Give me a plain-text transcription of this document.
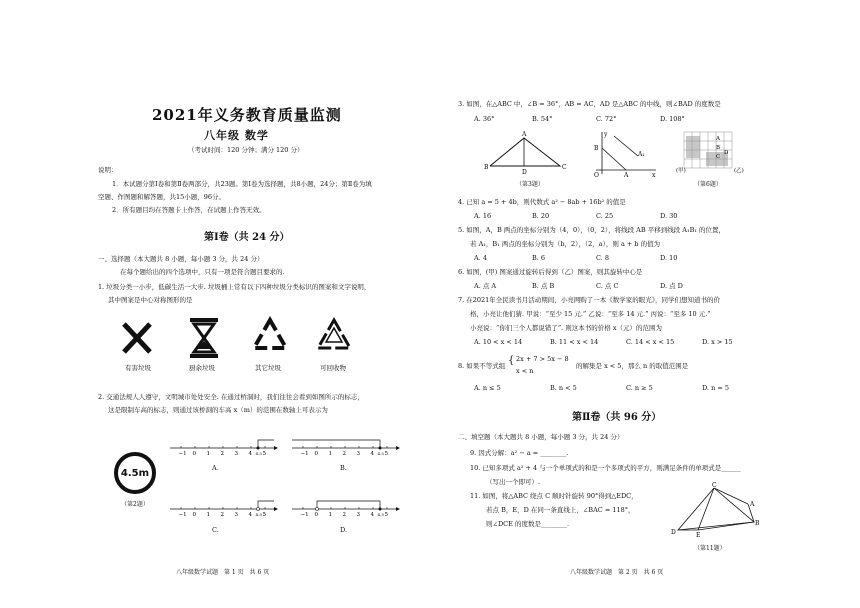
2021年义务教育质量监测
八年级 数学
（考试时间：120 分钟；满分 120 分）
说明：
1．本试题分第Ⅰ卷和第Ⅱ卷两部分，共23题。第Ⅰ卷为选择题，共8小题，24分；第Ⅱ卷为填
空题、作图题和解答题，共15小题，96分。
2．所有题目均在答题卡上作答，在试题上作答无效。
第Ⅰ卷（共 24 分）
一、选择题（本大题共 8 小题，每小题 3 分，共 24 分）
在每个题给出的四个选项中，只有一项是符合题目要求的.
1. 垃圾分类一小步，低碳生活一大步. 垃圾桶上常有以下四种垃圾分类标识的图案和文字说明，
其中图案是中心对称图形的是
有害垃圾	厨余垃圾	其它垃圾	可回收物
2. 交通法规人人遵守，文明城市处处安全. 在通过桥洞时，我们往往会看到如图所示的标志，
这是限制车高的标志，则通过该桥洞的车高 x（m）的范围在数轴上可表示为
4.5m
（第2题）
−1 0 1 2 3 4 4.5 5	−1 0 1 2 3 4 4.5 5
−1 0 1 2 3 4 4.5 5	−1 0 1 2 3 4 4.5 5
A.	B.
C.	D.
八年级数学试题　第 1 页　共 6 页
3. 如图，在△ABC 中，∠B = 36°，AB = AC，AD 是△ABC 的中线，则∠BAD 的度数是
A. 36°	B. 54°	C. 72°	D. 108°
A
B
D
C
（第3题）
y
B
A₁
O	A	x
(甲)
A
B
C
D
(乙)
（第6题）
4. 已知 a = 5 + 4b，则代数式 a² − 8ab + 16b² 的值是
A. 16	B. 20	C. 25	D. 30
5. 如图，A，B 两点的坐标分别为（4，0），（0，2），将线段 AB 平移到线段 A₁B₁ 的位置，
若 A₁，B₁ 两点的坐标分别为（b，2），（2，a），则 a + b 的值为
A. 4	B. 6	C. 8	D. 10
6. 如图，(甲) 图案通过旋转后得到（乙）图案，则其旋转中心是
A. 点 A	B. 点 B	C. 点 C	D. 点 D
7. 在2021年全民读书月活动期间，小亮网购了一本《数学家的眼光》，同学们想知道书的价
格，小亮让他们猜. 甲说：“至少 15 元.” 乙说：“至多 14 元.” 丙说：“至多 10 元.”
小亮说：“你们三个人都说错了”. 则这本书的价格 x（元）的范围为
A. 10 < x < 14	B. 11 < x < 14	C. 14 < x < 15	D. x > 15
8. 如果不等式组 { 2x + 7 > 5x − 8
x < n
的解集是 x < 5，那么 n 的取值范围是
A. n ≤ 5	B. n < 5	C. n ≥ 5	D. n = 5
第Ⅱ卷（共 96 分）
二、填空题（本大题共 8 小题，每小题 3 分，共 24 分）
9. 因式分解：a² − a = ________.
10. 已知多项式 a² + 4 与一个单项式的和是一个多项式的平方，则满足条件的单项式是______
（写出一个即可）.
11. 如图，将△ABC 绕点 C 顺时针旋转 90°得到△EDC，
若点 B，E，D 在同一条直线上，∠BAC = 118°，
则∠DCE 的度数是________.
C
A
D	E
B
（第11题）
八年级数学试题　第 2 页　共 6 页
